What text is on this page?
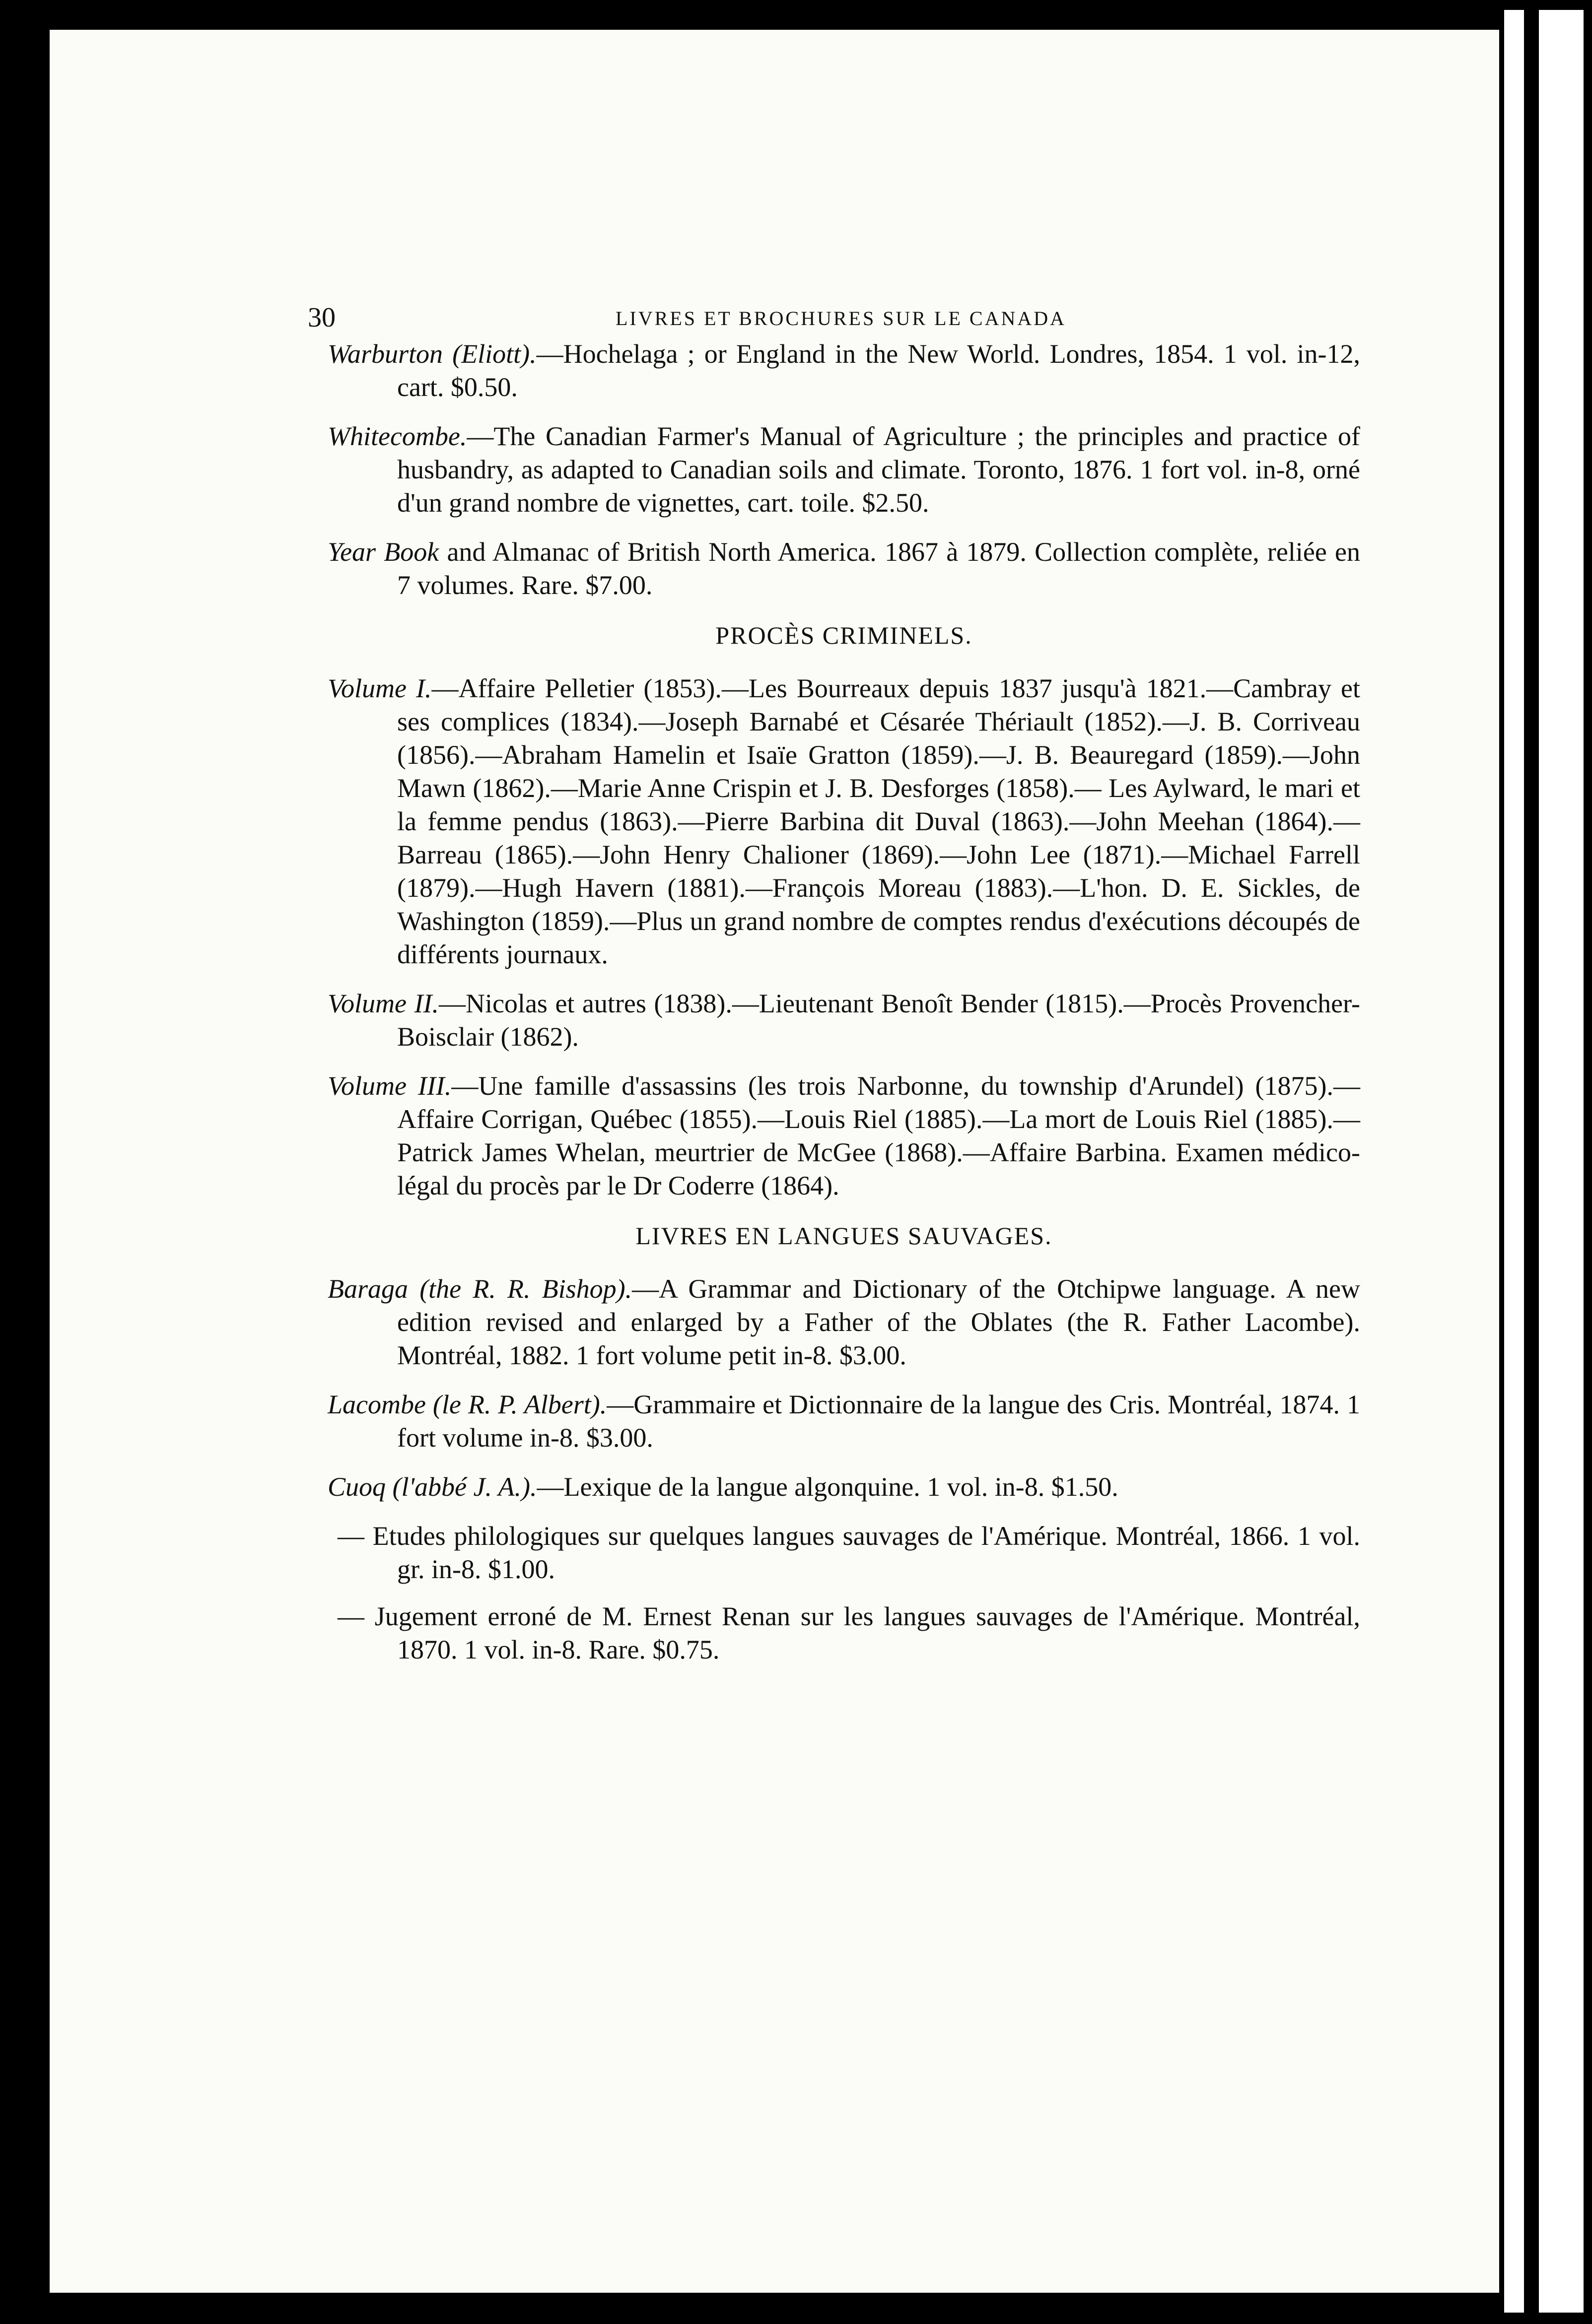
30	LIVRES ET BROCHURES SUR LE CANADA

Warburton (Eliott).—Hochelaga ; or England in the New World. Londres, 1854. 1 vol. in-12, cart. $0.50.

Whitecombe.—The Canadian Farmer's Manual of Agriculture ; the principles and practice of husbandry, as adapted to Canadian soils and climate. Toronto, 1876. 1 fort vol. in-8, orné d'un grand nombre de vignettes, cart. toile. $2.50.

Year Book and Almanac of British North America. 1867 à 1879. Collection complète, reliée en 7 volumes. Rare. $7.00.

PROCÈS CRIMINELS.

Volume I.—Affaire Pelletier (1853).—Les Bourreaux depuis 1837 jusqu'à 1821.—Cambray et ses complices (1834).—Joseph Barnabé et Césarée Thériault (1852).—J. B. Corriveau (1856).—Abraham Hamelin et Isaïe Gratton (1859).—J. B. Beauregard (1859).—John Mawn (1862).—Marie Anne Crispin et J. B. Desforges (1858).— Les Aylward, le mari et la femme pendus (1863).—Pierre Barbina dit Duval (1863).—John Meehan (1864).—Barreau (1865).—John Henry Chalioner (1869).—John Lee (1871).—Michael Farrell (1879).—Hugh Havern (1881).—François Moreau (1883).—L'hon. D. E. Sickles, de Washington (1859).—Plus un grand nombre de comptes rendus d'exécutions découpés de différents journaux.

Volume II.—Nicolas et autres (1838).—Lieutenant Benoît Bender (1815).—Procès Provencher-Boisclair (1862).

Volume III.—Une famille d'assassins (les trois Narbonne, du township d'Arundel) (1875).—Affaire Corrigan, Québec (1855).—Louis Riel (1885).—La mort de Louis Riel (1885).—Patrick James Whelan, meurtrier de McGee (1868).—Affaire Barbina. Examen médico-légal du procès par le Dr Coderre (1864).

LIVRES EN LANGUES SAUVAGES.

Baraga (the R. R. Bishop).—A Grammar and Dictionary of the Otchipwe language. A new edition revised and enlarged by a Father of the Oblates (the R. Father Lacombe). Montréal, 1882. 1 fort volume petit in-8. $3.00.

Lacombe (le R. P. Albert).—Grammaire et Dictionnaire de la langue des Cris. Montréal, 1874. 1 fort volume in-8. $3.00.

Cuoq (l'abbé J. A.).—Lexique de la langue algonquine. 1 vol. in-8. $1.50.

— Etudes philologiques sur quelques langues sauvages de l'Amérique. Montréal, 1866. 1 vol. gr. in-8. $1.00.

— Jugement erroné de M. Ernest Renan sur les langues sauvages de l'Amérique. Montréal, 1870. 1 vol. in-8. Rare. $0.75.
